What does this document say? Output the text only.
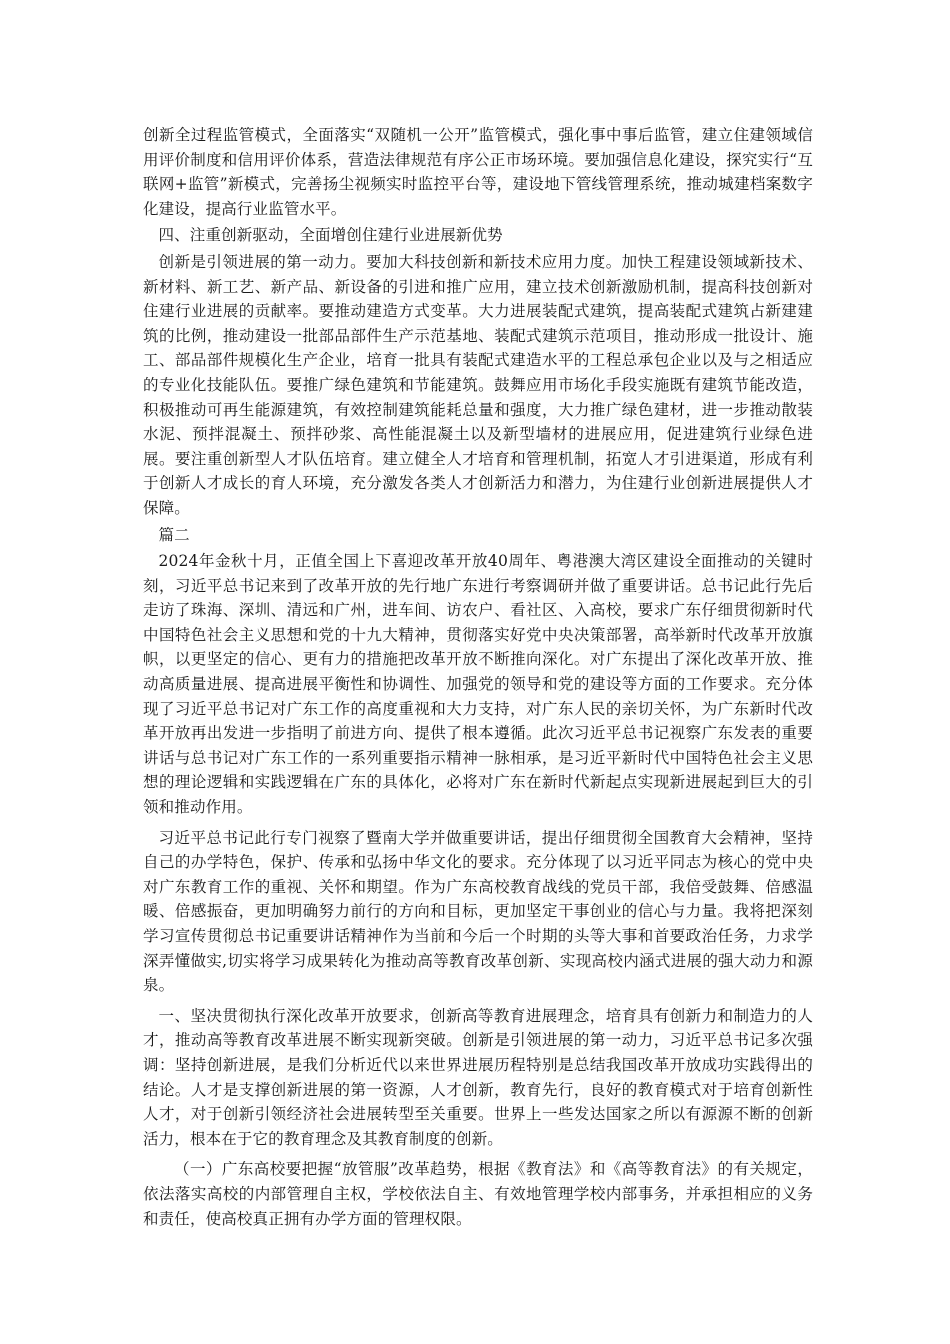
创新全过程监管模式，全面落实“双随机一公开”监管模式，强化事中事后监管，建立住建领域信用评价制度和信用评价体系，营造法律规范有序公正市场环境。要加强信息化建设，探究实行“互联网+监管”新模式，完善扬尘视频实时监控平台等，建设地下管线管理系统，推动城建档案数字化建设，提高行业监管水平。

四、注重创新驱动，全面增创住建行业进展新优势

创新是引领进展的第一动力。要加大科技创新和新技术应用力度。加快工程建设领域新技术、新材料、新工艺、新产品、新设备的引进和推广应用，建立技术创新激励机制，提高科技创新对住建行业进展的贡献率。要推动建造方式变革。大力进展装配式建筑，提高装配式建筑占新建建筑的比例，推动建设一批部品部件生产示范基地、装配式建筑示范项目，推动形成一批设计、施工、部品部件规模化生产企业，培育一批具有装配式建造水平的工程总承包企业以及与之相适应的专业化技能队伍。要推广绿色建筑和节能建筑。鼓舞应用市场化手段实施既有建筑节能改造，积极推动可再生能源建筑，有效控制建筑能耗总量和强度，大力推广绿色建材，进一步推动散装水泥、预拌混凝土、预拌砂浆、高性能混凝土以及新型墙材的进展应用，促进建筑行业绿色进展。要注重创新型人才队伍培育。建立健全人才培育和管理机制，拓宽人才引进渠道，形成有利于创新人才成长的育人环境，充分激发各类人才创新活力和潜力，为住建行业创新进展提供人才保障。

篇二

2024年金秋十月，正值全国上下喜迎改革开放40周年、粤港澳大湾区建设全面推动的关键时刻，习近平总书记来到了改革开放的先行地广东进行考察调研并做了重要讲话。总书记此行先后走访了珠海、深圳、清远和广州，进车间、访农户、看社区、入高校，要求广东仔细贯彻新时代中国特色社会主义思想和党的十九大精神，贯彻落实好党中央决策部署，高举新时代改革开放旗帜，以更坚定的信心、更有力的措施把改革开放不断推向深化。对广东提出了深化改革开放、推动高质量进展、提高进展平衡性和协调性、加强党的领导和党的建设等方面的工作要求。充分体现了习近平总书记对广东工作的高度重视和大力支持，对广东人民的亲切关怀，为广东新时代改革开放再出发进一步指明了前进方向、提供了根本遵循。此次习近平总书记视察广东发表的重要讲话与总书记对广东工作的一系列重要指示精神一脉相承，是习近平新时代中国特色社会主义思想的理论逻辑和实践逻辑在广东的具体化，必将对广东在新时代新起点实现新进展起到巨大的引领和推动作用。

习近平总书记此行专门视察了暨南大学并做重要讲话，提出仔细贯彻全国教育大会精神，坚持自己的办学特色，保护、传承和弘扬中华文化的要求。充分体现了以习近平同志为核心的党中央对广东教育工作的重视、关怀和期望。作为广东高校教育战线的党员干部，我倍受鼓舞、倍感温暖、倍感振奋，更加明确努力前行的方向和目标，更加坚定干事创业的信心与力量。我将把深刻学习宣传贯彻总书记重要讲话精神作为当前和今后一个时期的头等大事和首要政治任务，力求学深弄懂做实,切实将学习成果转化为推动高等教育改革创新、实现高校内涵式进展的强大动力和源泉。

一、坚决贯彻执行深化改革开放要求，创新高等教育进展理念，培育具有创新力和制造力的人才，推动高等教育改革进展不断实现新突破。创新是引领进展的第一动力，习近平总书记多次强调：坚持创新进展，是我们分析近代以来世界进展历程特别是总结我国改革开放成功实践得出的结论。人才是支撑创新进展的第一资源，人才创新，教育先行，良好的教育模式对于培育创新性人才，对于创新引领经济社会进展转型至关重要。世界上一些发达国家之所以有源源不断的创新活力，根本在于它的教育理念及其教育制度的创新。

（一）广东高校要把握“放管服”改革趋势，根据《教育法》和《高等教育法》的有关规定，依法落实高校的内部管理自主权，学校依法自主、有效地管理学校内部事务，并承担相应的义务和责任，使高校真正拥有办学方面的管理权限。
